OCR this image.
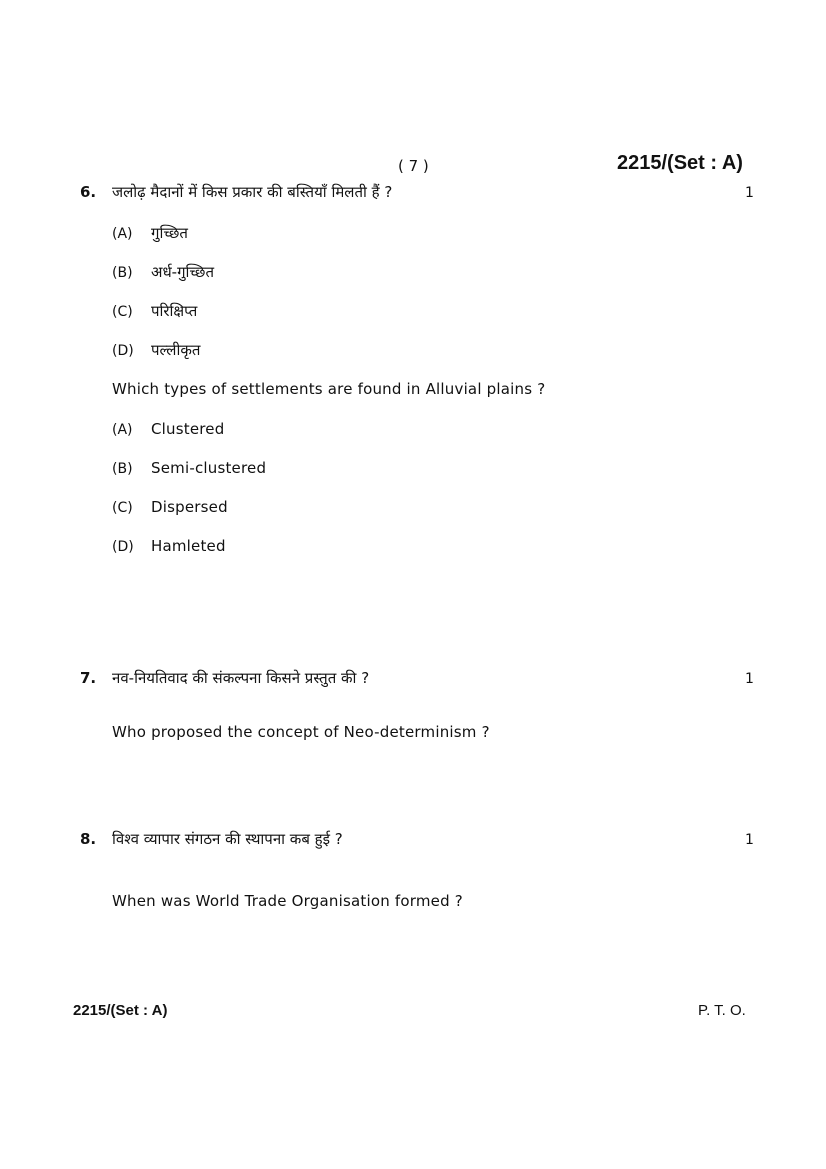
( 7 )	2215/(Set : A)
6. जलोढ़ मैदानों में किस प्रकार की बस्तियाँ मिलती हैं ?	1
(A) गुच्छित
(B) अर्ध-गुच्छित
(C) परिक्षिप्त
(D) पल्लीकृत
Which types of settlements are found in Alluvial plains ?
(A) Clustered
(B) Semi-clustered
(C) Dispersed
(D) Hamleted
7. नव-नियतिवाद की संकल्पना किसने प्रस्तुत की ?	1
Who proposed the concept of Neo-determinism ?
8. विश्व व्यापार संगठन की स्थापना कब हुई ?	1
When was World Trade Organisation formed ?
2215/(Set : A)	P. T. O.
